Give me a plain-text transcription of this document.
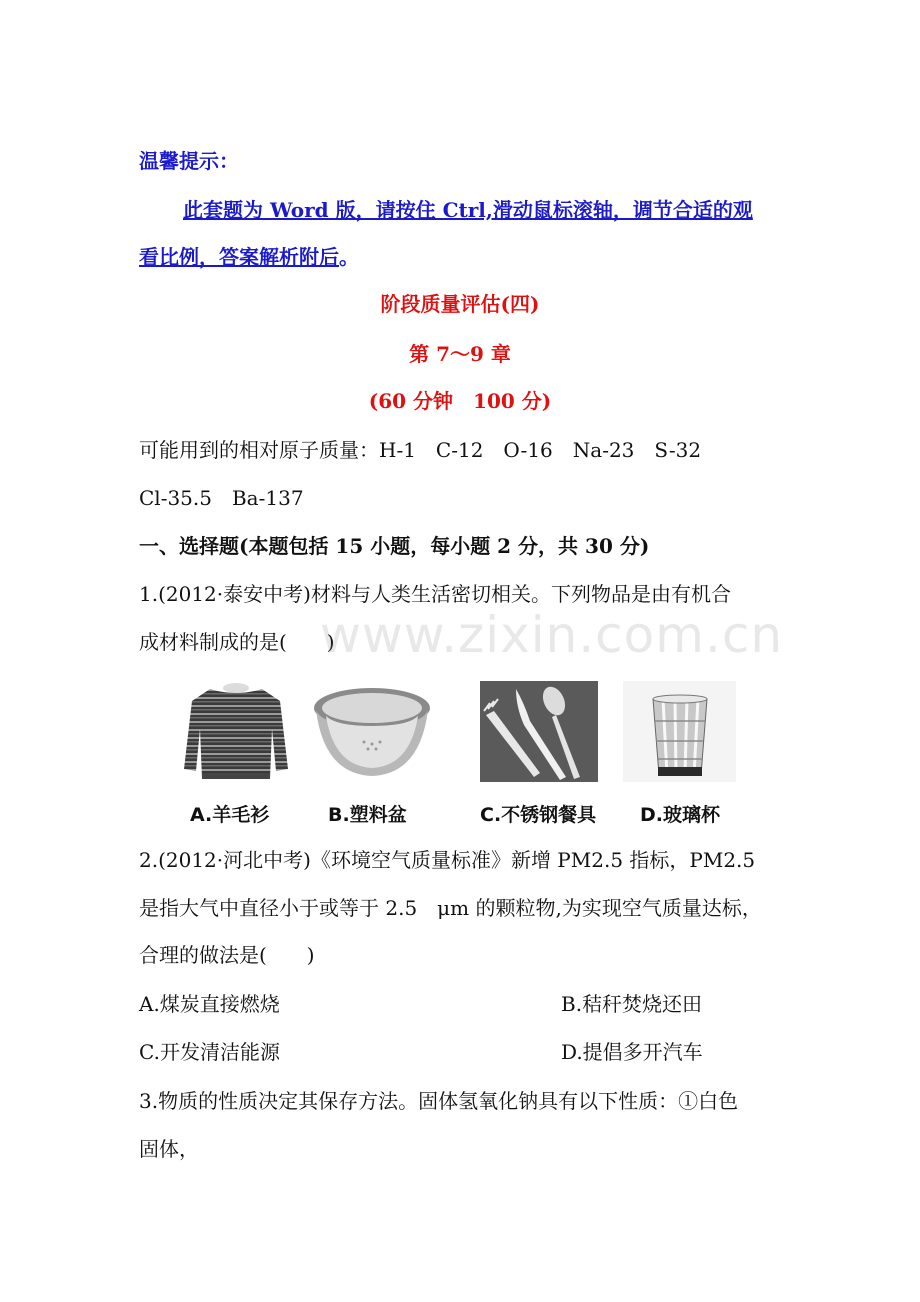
温馨提示：
此套题为 Word 版，请按住 Ctrl,滑动鼠标滚轴，调节合适的观
看比例，答案解析附后。
阶段质量评估(四)
第 7～9 章
(60 分钟　100 分)
可能用到的相对原子质量：H-1　C-12　O-16　Na-23　S-32
Cl-35.5　Ba-137
一、选择题(本题包括 15 小题，每小题 2 分，共 30 分)
1.(2012·泰安中考)材料与人类生活密切相关。下列物品是由有机合
成材料制成的是(　　)
A.羊毛衫	B.塑料盆	C.不锈钢餐具 D.玻璃杯
www.zixin.com.cn
2.(2012·河北中考)《环境空气质量标准》新增 PM2.5 指标，PM2.5
是指大气中直径小于或等于 2.5　μm 的颗粒物,为实现空气质量达标，
合理的做法是(　　)
A.煤炭直接燃烧	B.秸秆焚烧还田
C.开发清洁能源	D.提倡多开汽车
3.物质的性质决定其保存方法。固体氢氧化钠具有以下性质：①白色
固体，
